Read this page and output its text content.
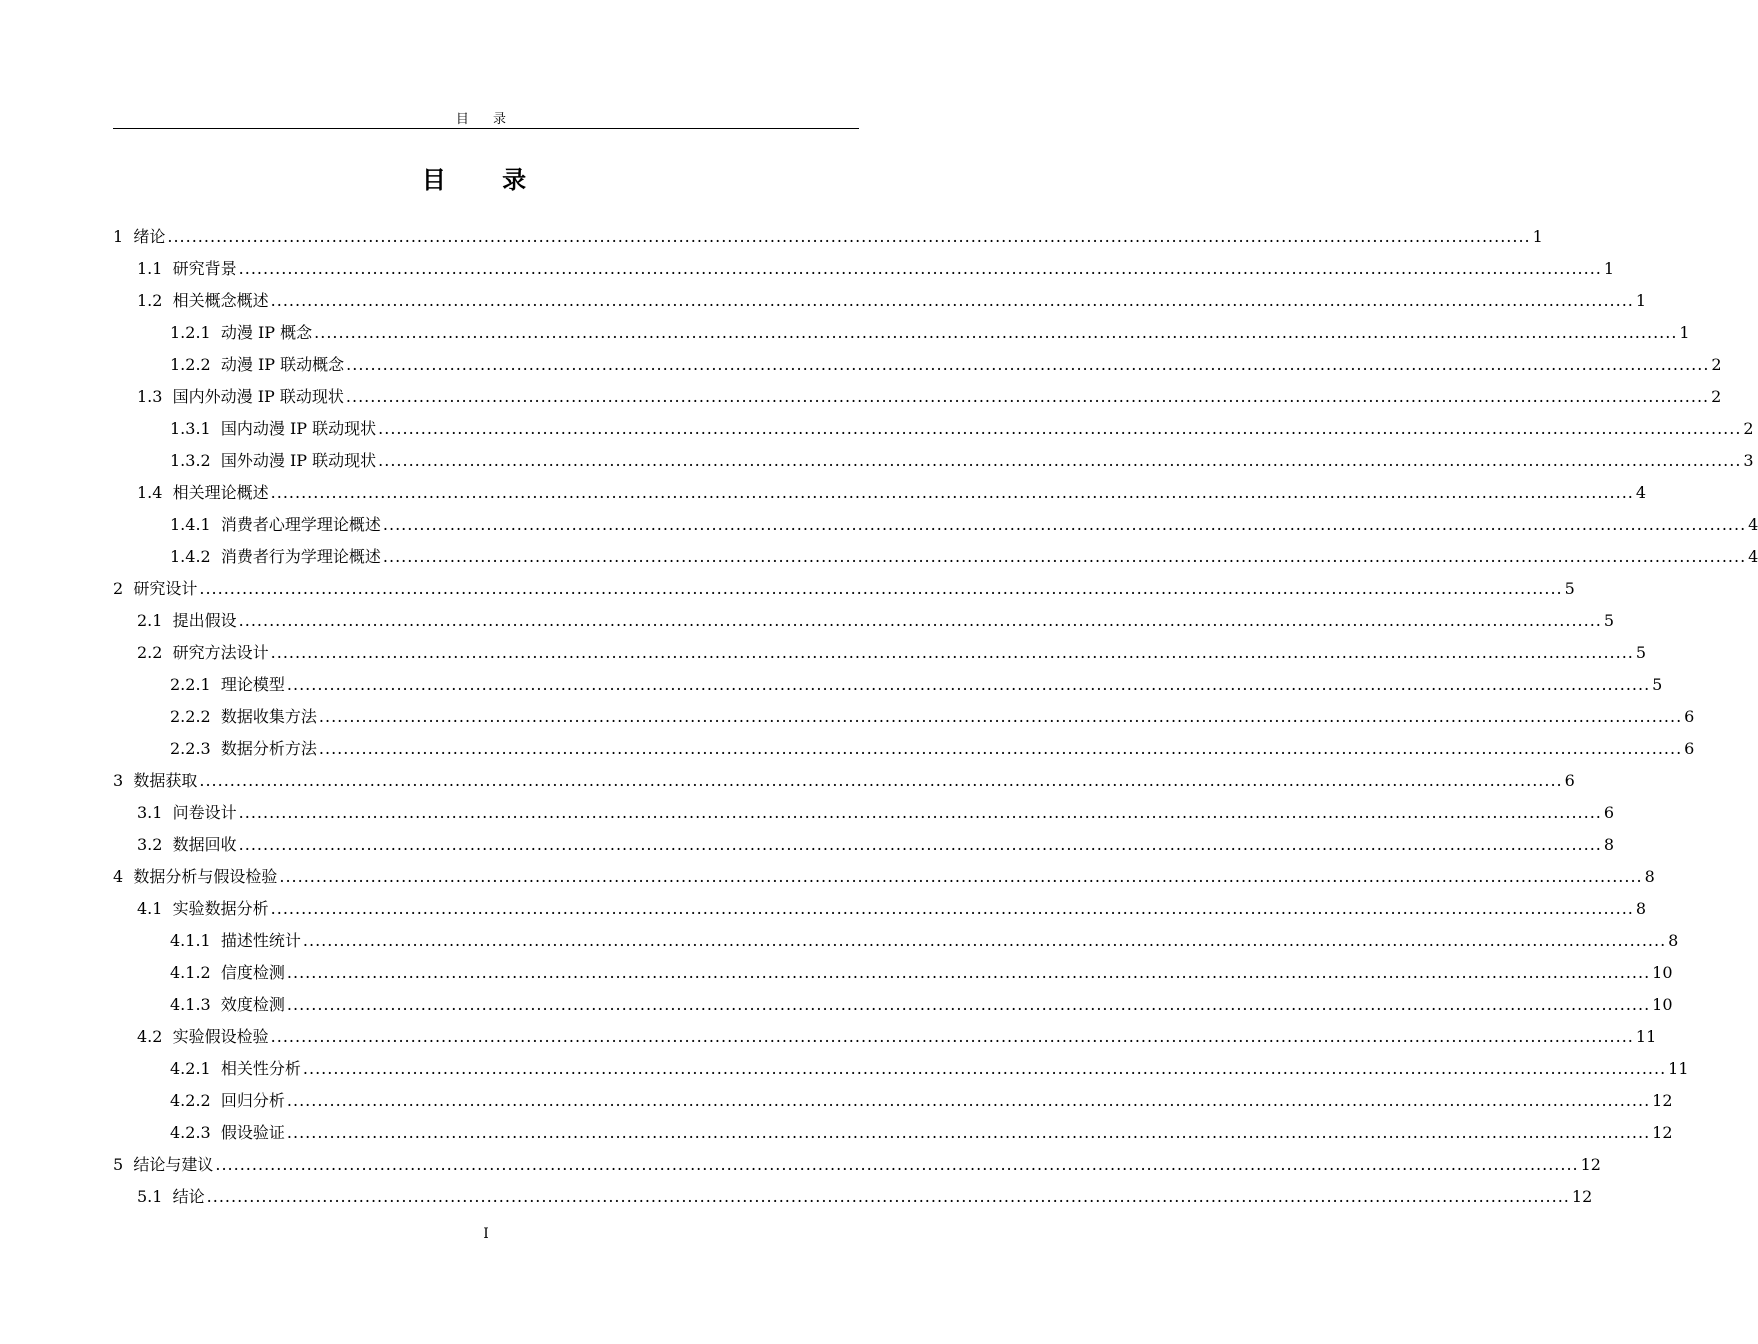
目 录
目 录
1 绪论 ................................................................................................................................................................................................................................ 1
1.1 研究背景 ................................................................................................................................................................................................................................ 1
1.2 相关概念概述 ................................................................................................................................................................................................................................ 1
1.2.1 动漫 IP 概念 ................................................................................................................................................................................................................................ 1
1.2.2 动漫 IP 联动概念 ................................................................................................................................................................................................................................ 2
1.3 国内外动漫 IP 联动现状 ................................................................................................................................................................................................................................ 2
1.3.1 国内动漫 IP 联动现状 ................................................................................................................................................................................................................................ 2
1.3.2 国外动漫 IP 联动现状 ................................................................................................................................................................................................................................ 3
1.4 相关理论概述 ................................................................................................................................................................................................................................ 4
1.4.1 消费者心理学理论概述 ................................................................................................................................................................................................................................ 4
1.4.2 消费者行为学理论概述 ................................................................................................................................................................................................................................ 4
2 研究设计 ................................................................................................................................................................................................................................ 5
2.1 提出假设 ................................................................................................................................................................................................................................ 5
2.2 研究方法设计 ................................................................................................................................................................................................................................ 5
2.2.1 理论模型 ................................................................................................................................................................................................................................ 5
2.2.2 数据收集方法 ................................................................................................................................................................................................................................ 6
2.2.3 数据分析方法 ................................................................................................................................................................................................................................ 6
3 数据获取 ................................................................................................................................................................................................................................ 6
3.1 问卷设计 ................................................................................................................................................................................................................................ 6
3.2 数据回收 ................................................................................................................................................................................................................................ 8
4 数据分析与假设检验 ................................................................................................................................................................................................................................ 8
4.1 实验数据分析 ................................................................................................................................................................................................................................ 8
4.1.1 描述性统计 ................................................................................................................................................................................................................................ 8
4.1.2 信度检测 ................................................................................................................................................................................................................................ 10
4.1.3 效度检测 ................................................................................................................................................................................................................................ 10
4.2 实验假设检验 ................................................................................................................................................................................................................................ 11
4.2.1 相关性分析 ................................................................................................................................................................................................................................ 11
4.2.2 回归分析 ................................................................................................................................................................................................................................ 12
4.2.3 假设验证 ................................................................................................................................................................................................................................ 12
5 结论与建议 ................................................................................................................................................................................................................................ 12
5.1 结论 ................................................................................................................................................................................................................................ 12
I
